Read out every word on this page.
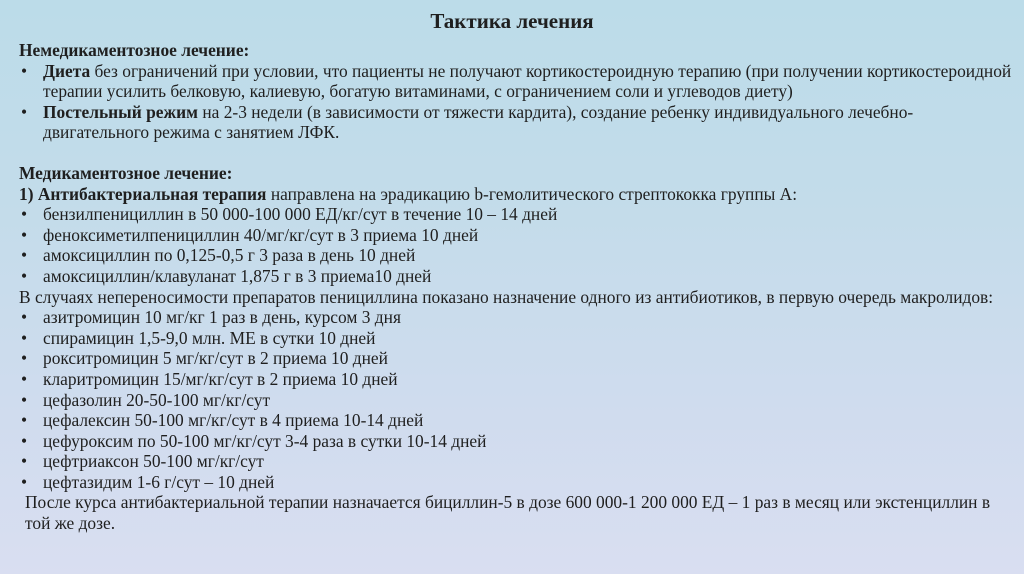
Тактика лечения

Немедикаментозное лечение:

• Диета без ограничений при условии, что пациенты не получают кортикостероидную терапию (при получении кортикостероидной терапии усилить белковую, калиевую, богатую витаминами, с ограничением соли и углеводов диету)

• Постельный режим на 2-3 недели (в зависимости от тяжести кардита), создание ребенку индивидуального лечебно-двигательного режима с занятием ЛФК.

Медикаментозное лечение:

1) Антибактериальная терапия направлена на эрадикацию b-гемолитического стрептококка группы А:

• бензилпенициллин в 50 000-100 000 ЕД/кг/сут в течение 10 – 14 дней

• феноксиметилпенициллин 40/мг/кг/сут в 3 приема 10 дней

• амоксициллин по 0,125-0,5 г 3 раза в день 10 дней

• амоксициллин/клавуланат 1,875 г в 3 приема10 дней

В случаях непереносимости препаратов пенициллина показано назначение одного из антибиотиков, в первую очередь макролидов:

• азитромицин 10 мг/кг 1 раз в день, курсом 3 дня

• спирамицин 1,5-9,0 млн. МЕ в сутки 10 дней

• рокситромицин 5 мг/кг/сут в 2 приема 10 дней

• кларитромицин 15/мг/кг/сут в 2 приема 10 дней

• цефазолин 20-50-100 мг/кг/сут

• цефалексин 50-100 мг/кг/сут в 4 приема 10-14 дней

• цефуроксим по 50-100 мг/кг/сут 3-4 раза в сутки 10-14 дней

• цефтриаксон 50-100 мг/кг/сут

• цефтазидим 1-6 г/сут – 10 дней

После курса антибактериальной терапии назначается бициллин-5 в дозе 600 000-1 200 000 ЕД – 1 раз в месяц или экстенциллин в той же дозе.
